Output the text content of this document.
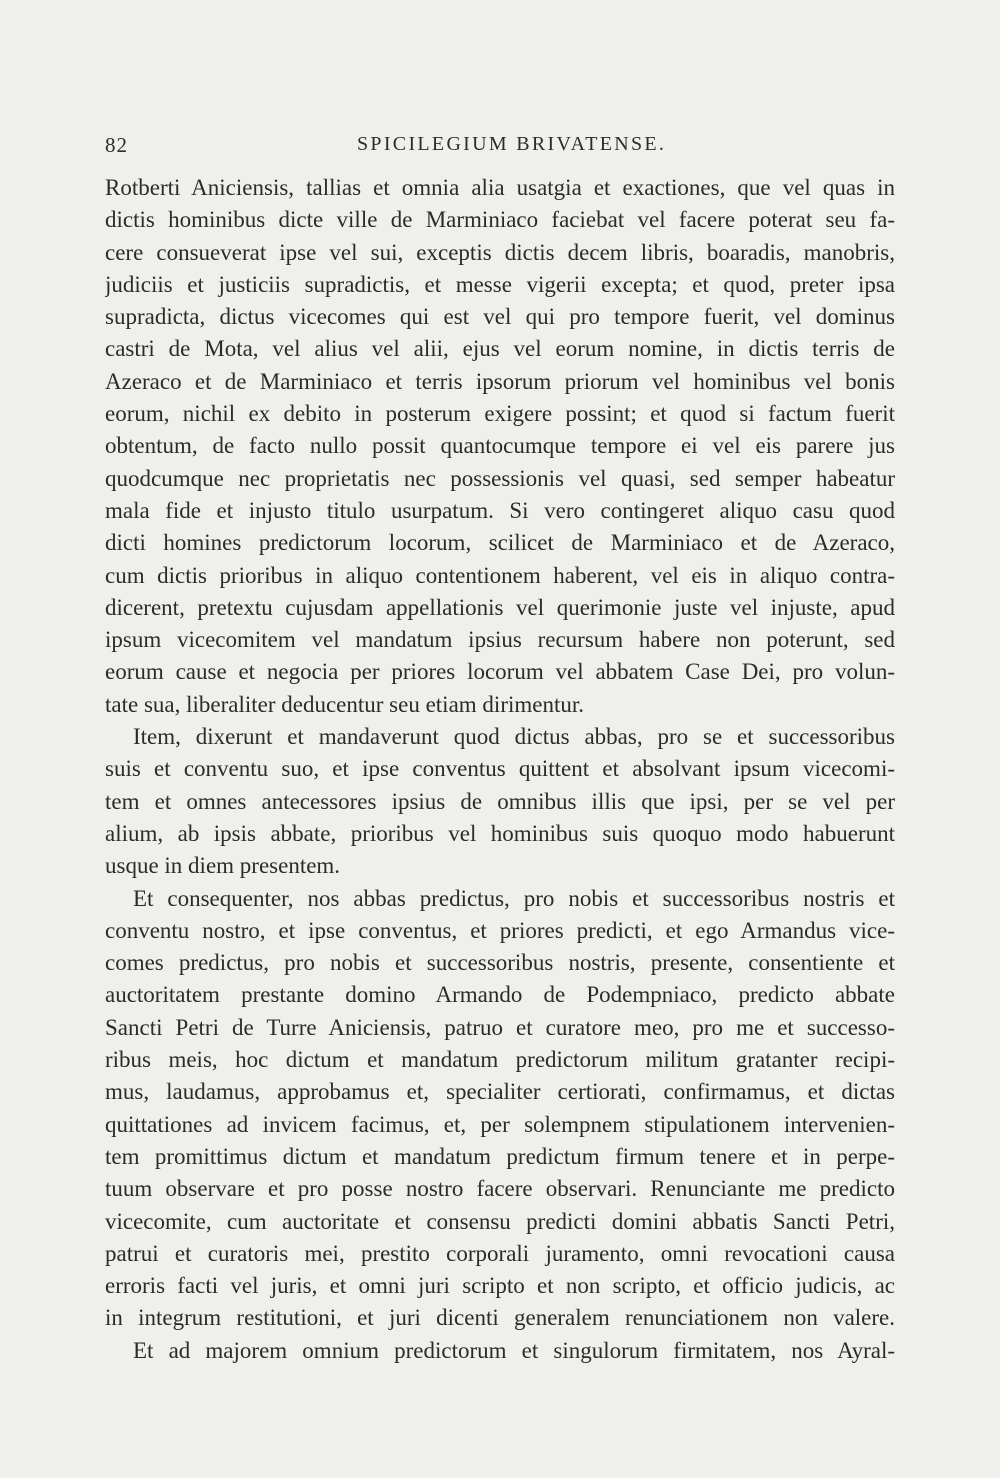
82	SPICILEGIUM BRIVATENSE.
Rotberti Aniciensis, tallias et omnia alia usatgia et exactiones, que vel quas in
dictis hominibus dicte ville de Marminiaco faciebat vel facere poterat seu fa-
cere consueverat ipse vel sui, exceptis dictis decem libris, boaradis, manobris,
judiciis et justiciis supradictis, et messe vigerii excepta; et quod, preter ipsa
supradicta, dictus vicecomes qui est vel qui pro tempore fuerit, vel dominus
castri de Mota, vel alius vel alii, ejus vel eorum nomine, in dictis terris de
Azeraco et de Marminiaco et terris ipsorum priorum vel hominibus vel bonis
eorum, nichil ex debito in posterum exigere possint; et quod si factum fuerit
obtentum, de facto nullo possit quantocumque tempore ei vel eis parere jus
quodcumque nec proprietatis nec possessionis vel quasi, sed semper habeatur
mala fide et injusto titulo usurpatum. Si vero contingeret aliquo casu quod
dicti homines predictorum locorum, scilicet de Marminiaco et de Azeraco,
cum dictis prioribus in aliquo contentionem haberent, vel eis in aliquo contra-
dicerent, pretextu cujusdam appellationis vel querimonie juste vel injuste, apud
ipsum vicecomitem vel mandatum ipsius recursum habere non poterunt, sed
eorum cause et negocia per priores locorum vel abbatem Case Dei, pro volun-
tate sua, liberaliter deducentur seu etiam dirimentur.
Item, dixerunt et mandaverunt quod dictus abbas, pro se et successoribus
suis et conventu suo, et ipse conventus quittent et absolvant ipsum vicecomi-
tem et omnes antecessores ipsius de omnibus illis que ipsi, per se vel per
alium, ab ipsis abbate, prioribus vel hominibus suis quoquo modo habuerunt
usque in diem presentem.
Et consequenter, nos abbas predictus, pro nobis et successoribus nostris et
conventu nostro, et ipse conventus, et priores predicti, et ego Armandus vice-
comes predictus, pro nobis et successoribus nostris, presente, consentiente et
auctoritatem prestante domino Armando de Podempniaco, predicto abbate
Sancti Petri de Turre Aniciensis, patruo et curatore meo, pro me et successo-
ribus meis, hoc dictum et mandatum predictorum militum gratanter recipi-
mus, laudamus, approbamus et, specialiter certiorati, confirmamus, et dictas
quittationes ad invicem facimus, et, per solempnem stipulationem intervenien-
tem promittimus dictum et mandatum predictum firmum tenere et in perpe-
tuum observare et pro posse nostro facere observari. Renunciante me predicto
vicecomite, cum auctoritate et consensu predicti domini abbatis Sancti Petri,
patrui et curatoris mei, prestito corporali juramento, omni revocationi causa
erroris facti vel juris, et omni juri scripto et non scripto, et officio judicis, ac
in integrum restitutioni, et juri dicenti generalem renunciationem non valere.
Et ad majorem omnium predictorum et singulorum firmitatem, nos Ayral-
